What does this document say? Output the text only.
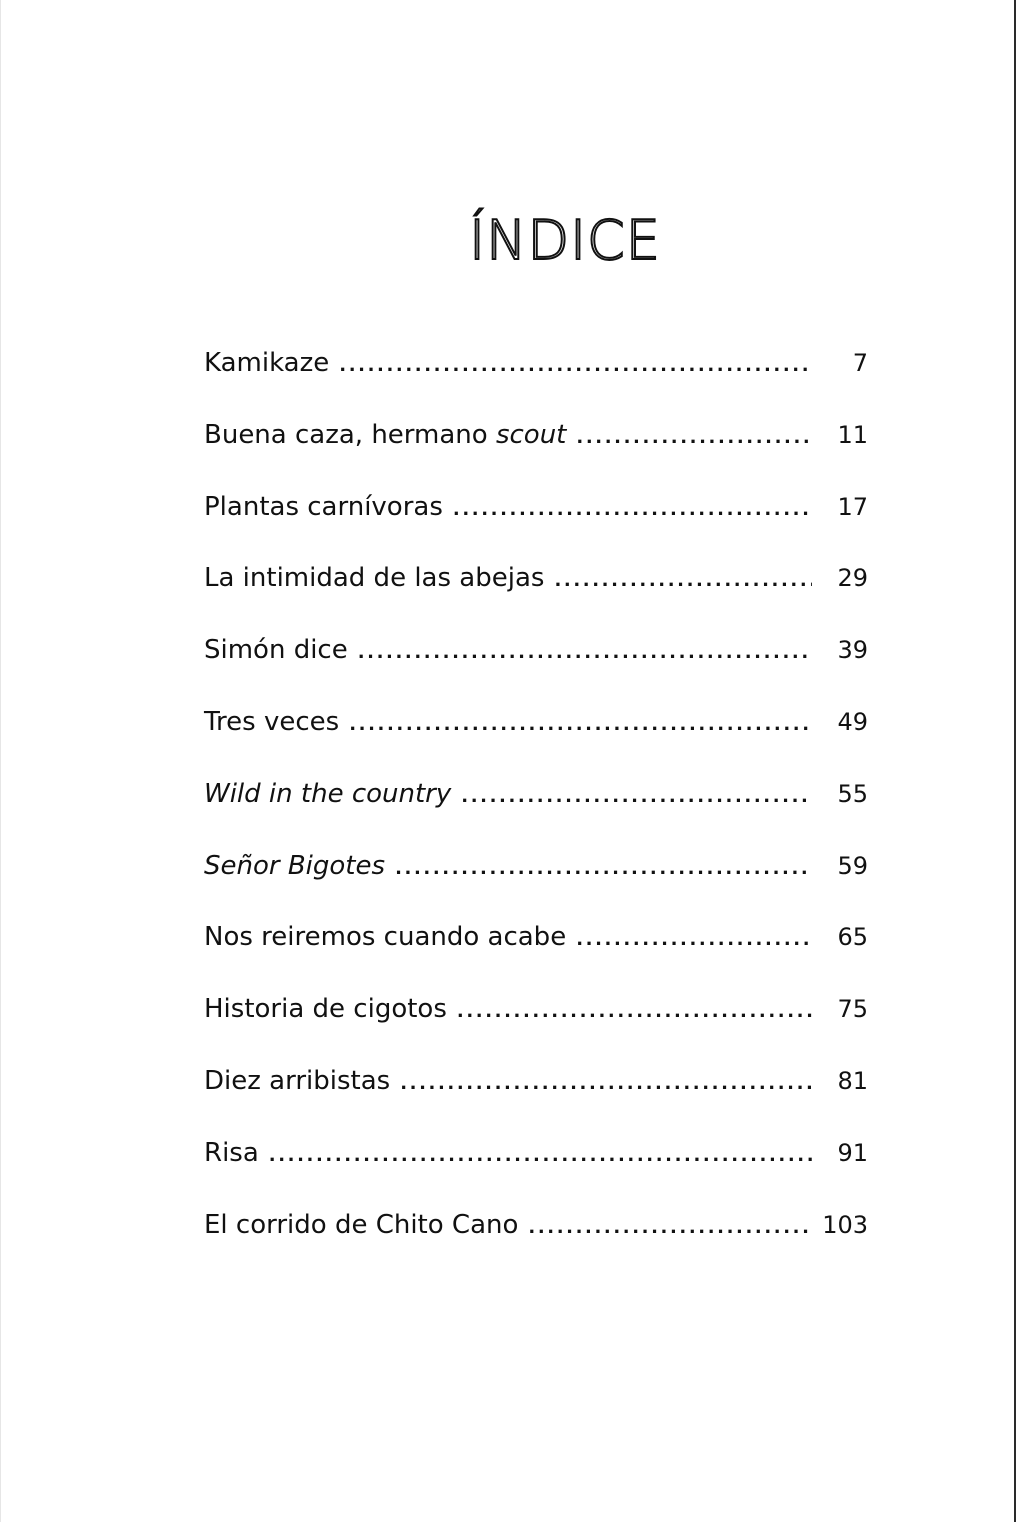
ÍNDICE
Kamikaze .....	7
Buena caza, hermano scout .....	11
Plantas carnívoras .....	17
La intimidad de las abejas .....	29
Simón dice .....	39
Tres veces .....	49
Wild in the country .....	55
Señor Bigotes .....	59
Nos reiremos cuando acabe .....	65
Historia de cigotos .....	75
Diez arribistas .....	81
Risa .....	91
El corrido de Chito Cano .....	103
